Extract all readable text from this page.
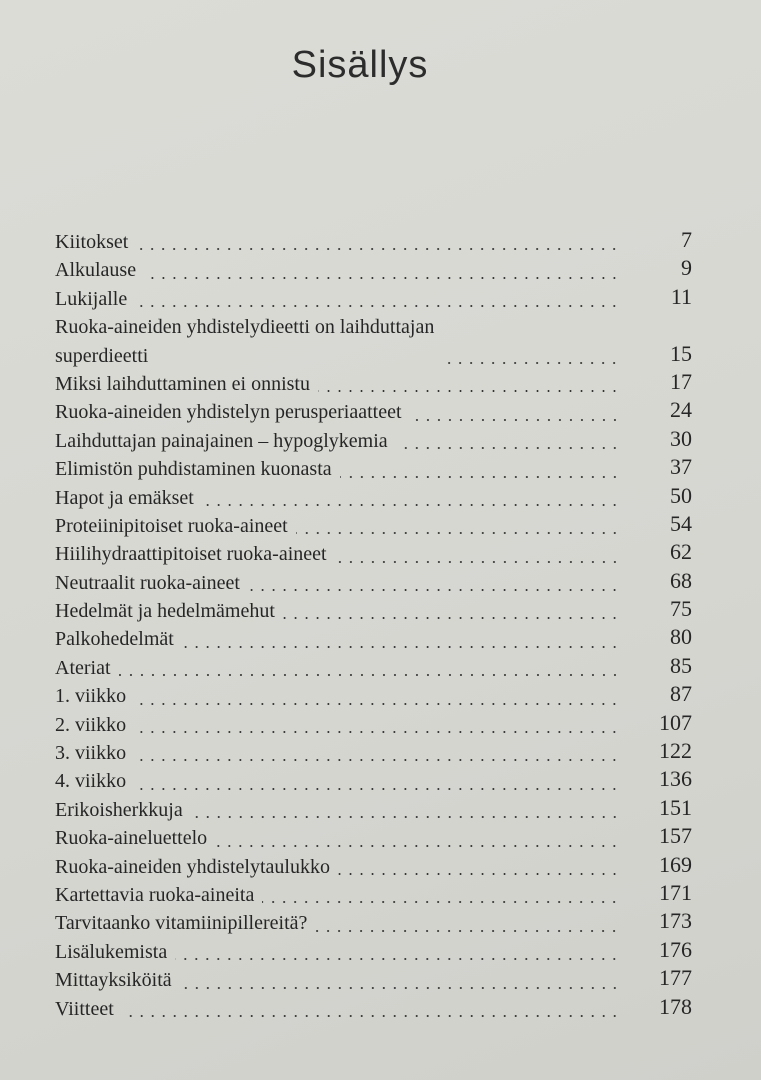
Sisällys
Kiitokset	7
Alkulause	9
Lukijalle	11
Ruoka-aineiden yhdistelydieetti on laihduttajan
superdieetti	15
Miksi laihduttaminen ei onnistu	17
Ruoka-aineiden yhdistelyn perusperiaatteet	24
Laihduttajan painajainen – hypoglykemia	30
Elimistön puhdistaminen kuonasta	37
Hapot ja emäkset	50
Proteiinipitoiset ruoka-aineet	54
Hiilihydraattipitoiset ruoka-aineet	62
Neutraalit ruoka-aineet	68
Hedelmät ja hedelmämehut	75
Palkohedelmät	80
Ateriat	85
1. viikko	87
2. viikko	107
3. viikko	122
4. viikko	136
Erikoisherkkuja	151
Ruoka-aineluettelo	157
Ruoka-aineiden yhdistelytaulukko	169
Kartettavia ruoka-aineita	171
Tarvitaanko vitamiinipillereitä?	173
Lisälukemista	176
Mittayksiköitä	177
Viitteet	178
